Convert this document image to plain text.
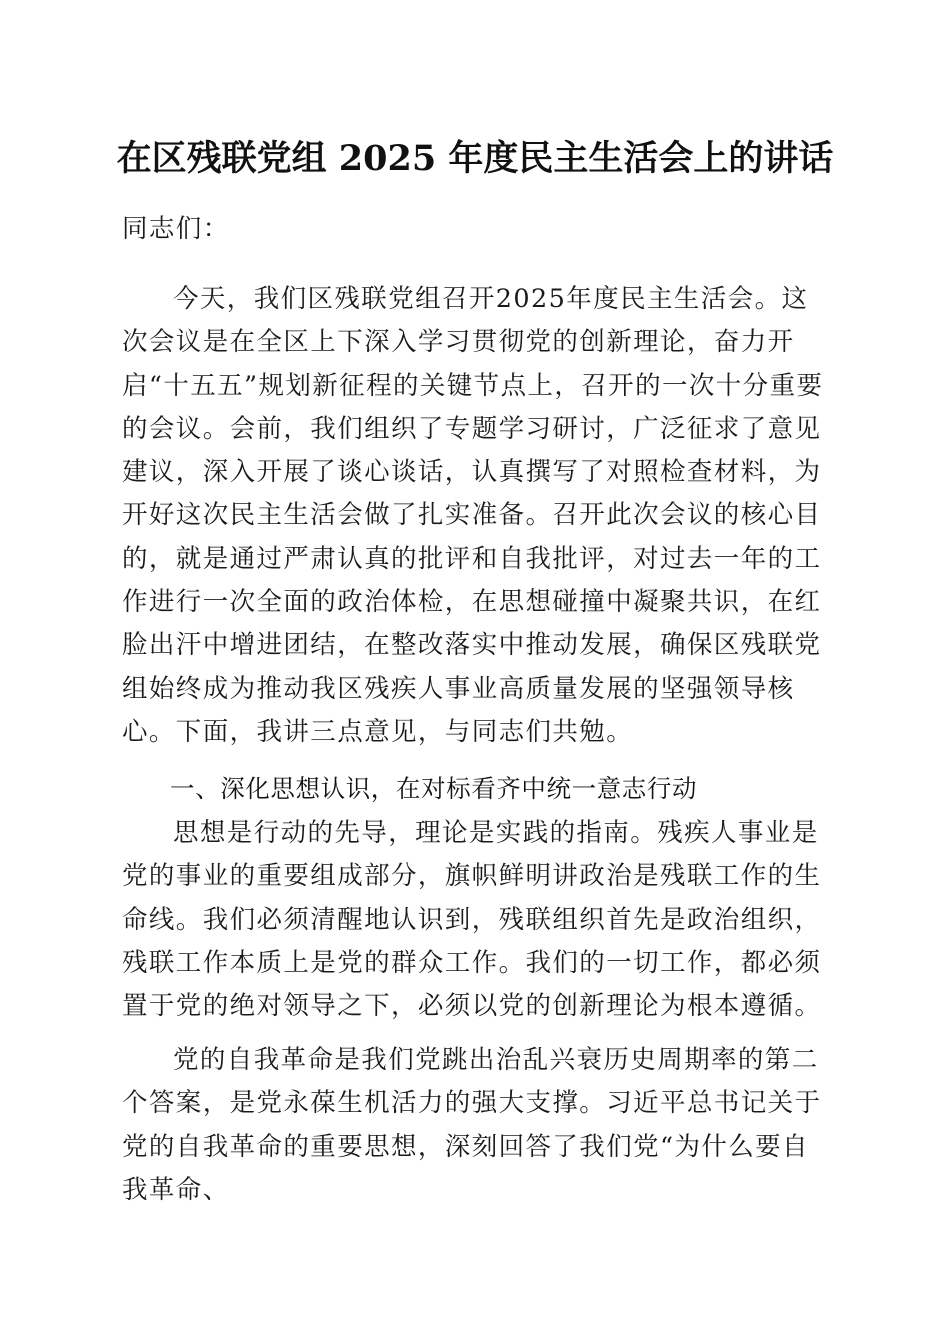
在区残联党组 2025 年度民主生活会上的讲话
同志们：
今天，我们区残联党组召开2025年度民主生活会。这次会议是在全区上下深入学习贯彻党的创新理论，奋力开启“十五五”规划新征程的关键节点上，召开的一次十分重要的会议。会前，我们组织了专题学习研讨，广泛征求了意见建议，深入开展了谈心谈话，认真撰写了对照检查材料，为开好这次民主生活会做了扎实准备。召开此次会议的核心目的，就是通过严肃认真的批评和自我批评，对过去一年的工作进行一次全面的政治体检，在思想碰撞中凝聚共识，在红脸出汗中增进团结，在整改落实中推动发展，确保区残联党组始终成为推动我区残疾人事业高质量发展的坚强领导核心。下面，我讲三点意见，与同志们共勉。
一、深化思想认识，在对标看齐中统一意志行动
思想是行动的先导，理论是实践的指南。残疾人事业是党的事业的重要组成部分，旗帜鲜明讲政治是残联工作的生命线。我们必须清醒地认识到，残联组织首先是政治组织，残联工作本质上是党的群众工作。我们的一切工作，都必须置于党的绝对领导之下，必须以党的创新理论为根本遵循。
党的自我革命是我们党跳出治乱兴衰历史周期率的第二个答案，是党永葆生机活力的强大支撑。习近平总书记关于党的自我革命的重要思想，深刻回答了我们党“为什么要自我革命、
